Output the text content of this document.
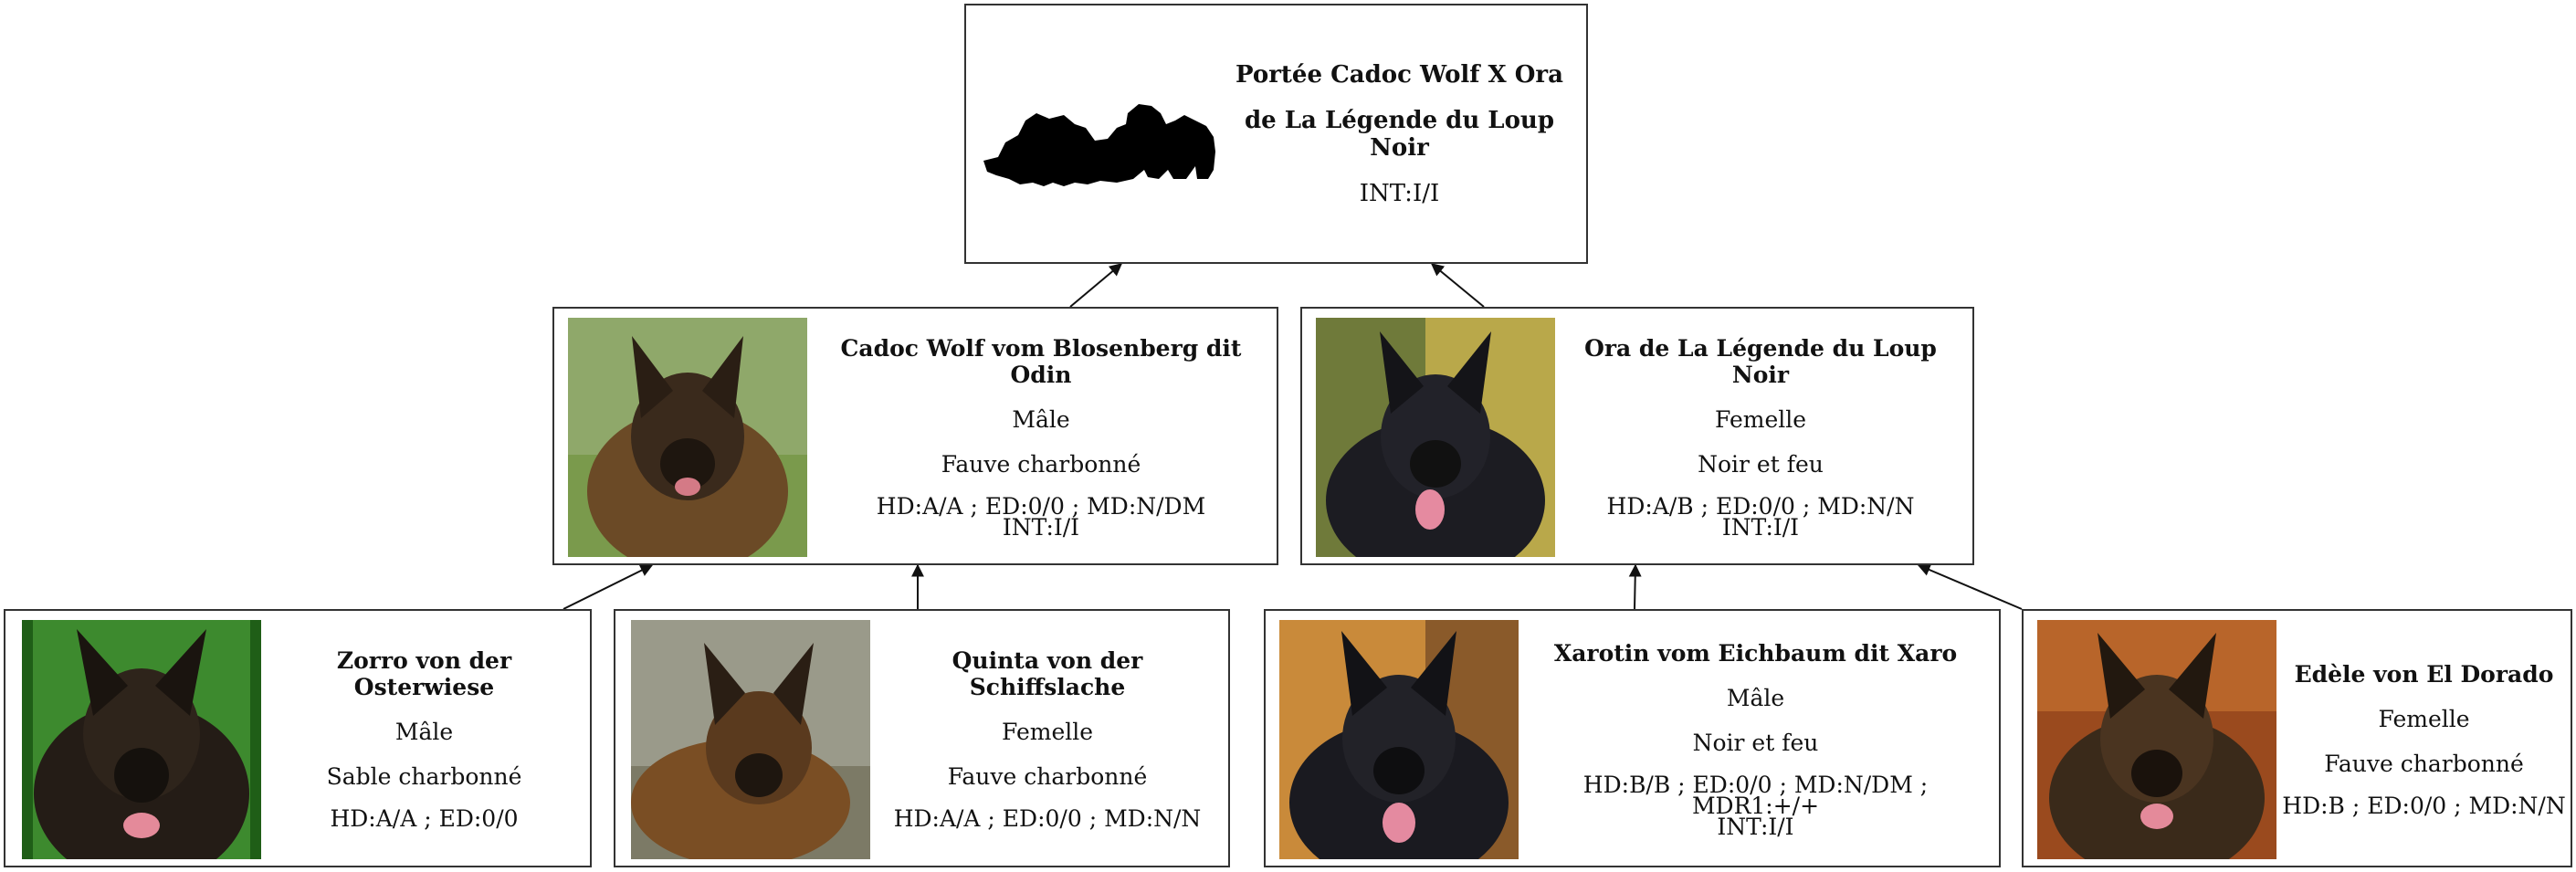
Portée Cadoc Wolf X Ora
de La Légende du Loup Noir
INT:I/I
Cadoc Wolf vom Blosenberg dit Odin
Mâle
Fauve charbonné
HD:A/A ; ED:0/0 ; MD:N/DM
INT:I/I
Ora de La Légende du Loup Noir
Femelle
Noir et feu
HD:A/B ; ED:0/0 ; MD:N/N
INT:I/I
Zorro von der Osterwiese
Mâle
Sable charbonné
HD:A/A ; ED:0/0
Quinta von der Schiffslache
Femelle
Fauve charbonné
HD:A/A ; ED:0/0 ; MD:N/N
Xarotin vom Eichbaum dit Xaro
Mâle
Noir et feu
HD:B/B ; ED:0/0 ; MD:N/DM ; MDR1:+/+
INT:I/I
Edèle von El Dorado
Femelle
Fauve charbonné
HD:B ; ED:0/0 ; MD:N/N
